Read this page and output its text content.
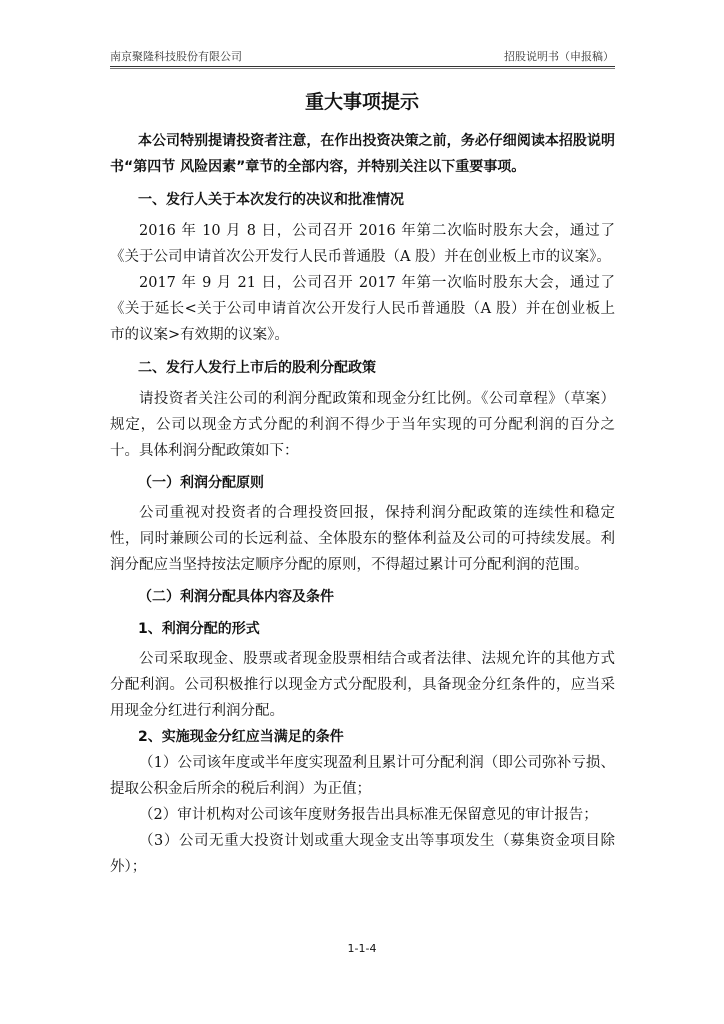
南京聚隆科技股份有限公司	招股说明书（申报稿）
重大事项提示

本公司特别提请投资者注意，在作出投资决策之前，务必仔细阅读本招股说明书“第四节 风险因素”章节的全部内容，并特别关注以下重要事项。

一、发行人关于本次发行的决议和批准情况

2016 年 10 月 8 日，公司召开 2016 年第二次临时股东大会，通过了《关于公司申请首次公开发行人民币普通股（A 股）并在创业板上市的议案》。

2017 年 9 月 21 日，公司召开 2017 年第一次临时股东大会，通过了《关于延长<关于公司申请首次公开发行人民币普通股（A 股）并在创业板上市的议案>有效期的议案》。

二、发行人发行上市后的股利分配政策

请投资者关注公司的利润分配政策和现金分红比例。《公司章程》（草案）规定，公司以现金方式分配的利润不得少于当年实现的可分配利润的百分之十。具体利润分配政策如下：

（一）利润分配原则

公司重视对投资者的合理投资回报，保持利润分配政策的连续性和稳定性，同时兼顾公司的长远利益、全体股东的整体利益及公司的可持续发展。利润分配应当坚持按法定顺序分配的原则，不得超过累计可分配利润的范围。

（二）利润分配具体内容及条件

1、利润分配的形式

公司采取现金、股票或者现金股票相结合或者法律、法规允许的其他方式分配利润。公司积极推行以现金方式分配股利，具备现金分红条件的，应当采用现金分红进行利润分配。

2、实施现金分红应当满足的条件

（1）公司该年度或半年度实现盈利且累计可分配利润（即公司弥补亏损、提取公积金后所余的税后利润）为正值；

（2）审计机构对公司该年度财务报告出具标准无保留意见的审计报告；

（3）公司无重大投资计划或重大现金支出等事项发生（募集资金项目除外）；

1-1-4
